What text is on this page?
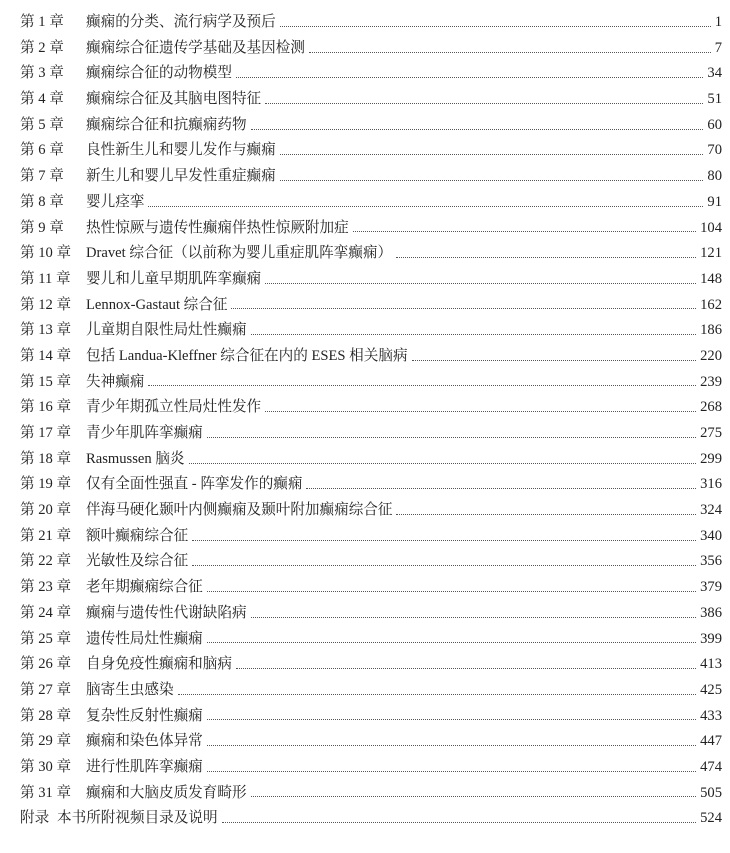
第 1 章 癫痫的分类、流行病学及预后	1
第 2 章 癫痫综合征遗传学基础及基因检测	7
第 3 章 癫痫综合征的动物模型	34
第 4 章 癫痫综合征及其脑电图特征	51
第 5 章 癫痫综合征和抗癫痫药物	60
第 6 章 良性新生儿和婴儿发作与癫痫	70
第 7 章 新生儿和婴儿早发性重症癫痫	80
第 8 章 婴儿痉挛	91
第 9 章 热性惊厥与遗传性癫痫伴热性惊厥附加症	104
第 10 章 Dravet 综合征（以前称为婴儿重症肌阵挛癫痫）	121
第 11 章 婴儿和儿童早期肌阵挛癫痫	148
第 12 章 Lennox-Gastaut 综合征	162
第 13 章 儿童期自限性局灶性癫痫	186
第 14 章 包括 Landua-Kleffner 综合征在内的 ESES 相关脑病	220
第 15 章 失神癫痫	239
第 16 章 青少年期孤立性局灶性发作	268
第 17 章 青少年肌阵挛癫痫	275
第 18 章 Rasmussen 脑炎	299
第 19 章 仅有全面性强直 - 阵挛发作的癫痫	316
第 20 章 伴海马硬化颞叶内侧癫痫及颞叶附加癫痫综合征	324
第 21 章 额叶癫痫综合征	340
第 22 章 光敏性及综合征	356
第 23 章 老年期癫痫综合征	379
第 24 章 癫痫与遗传性代谢缺陷病	386
第 25 章 遗传性局灶性癫痫	399
第 26 章 自身免疫性癫痫和脑病	413
第 27 章 脑寄生虫感染	425
第 28 章 复杂性反射性癫痫	433
第 29 章 癫痫和染色体异常	447
第 30 章 进行性肌阵挛癫痫	474
第 31 章 癫痫和大脑皮质发育畸形	505
附录 本书所附视频目录及说明	524
